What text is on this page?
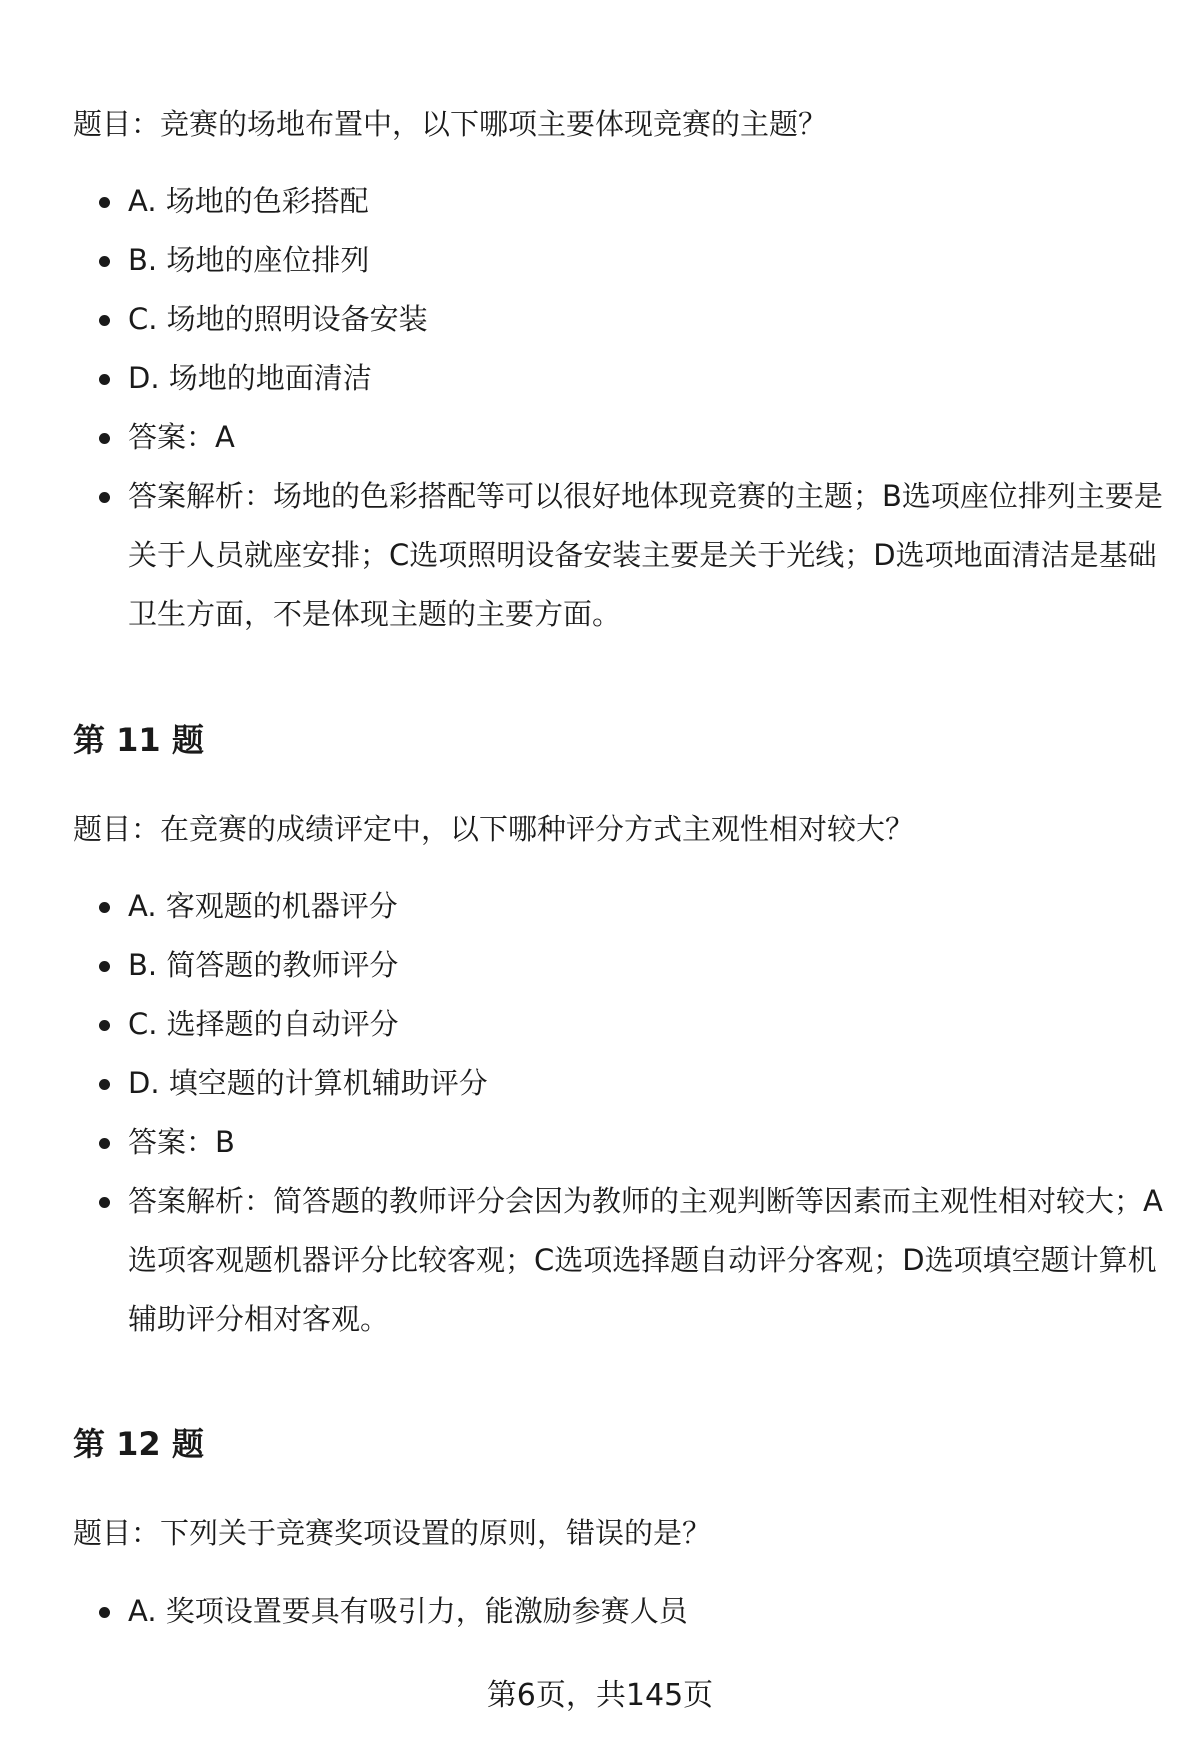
题目：竞赛的场地布置中，以下哪项主要体现竞赛的主题？

A. 场地的色彩搭配
B. 场地的座位排列
C. 场地的照明设备安装
D. 场地的地面清洁
答案：A
答案解析：场地的色彩搭配等可以很好地体现竞赛的主题；B选项座位排列主要是关于人员就座安排；C选项照明设备安装主要是关于光线；D选项地面清洁是基础卫生方面，不是体现主题的主要方面。
第 11 题

题目：在竞赛的成绩评定中，以下哪种评分方式主观性相对较大？

A. 客观题的机器评分
B. 简答题的教师评分
C. 选择题的自动评分
D. 填空题的计算机辅助评分
答案：B
答案解析：简答题的教师评分会因为教师的主观判断等因素而主观性相对较大；A选项客观题机器评分比较客观；C选项选择题自动评分客观；D选项填空题计算机辅助评分相对客观。
第 12 题

题目：下列关于竞赛奖项设置的原则，错误的是？

A. 奖项设置要具有吸引力，能激励参赛人员
第6页，共145页
